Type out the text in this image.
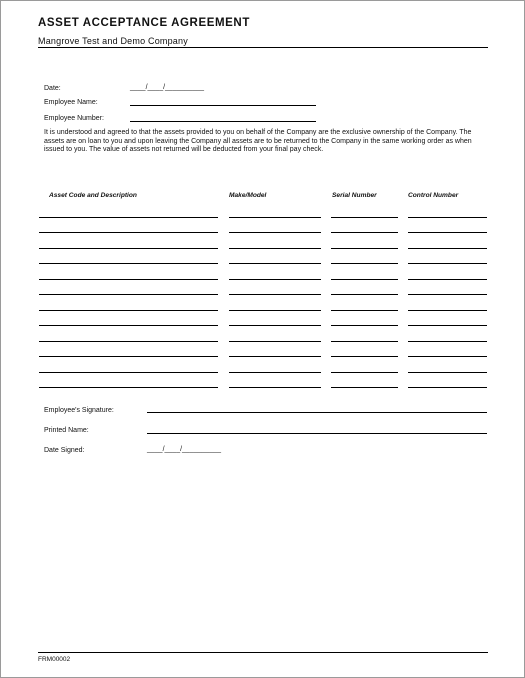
ASSET ACCEPTANCE AGREEMENT
Mangrove Test and Demo Company
Date:	____/____/__________
Employee Name:
Employee Number:
It is understood and agreed to that the assets provided to you on behalf of the Company are the exclusive ownership of the Company. The assets are on loan to you and upon leaving the Company all assets are to be returned to the Company in the same working order as when issued to you. The value of assets not returned will be deducted from your final pay check.
Asset Code and Description	Make/Model	Serial Number	Control Number
Employee's Signature:
Printed Name:
Date Signed:	____/____/__________
FRM00002
